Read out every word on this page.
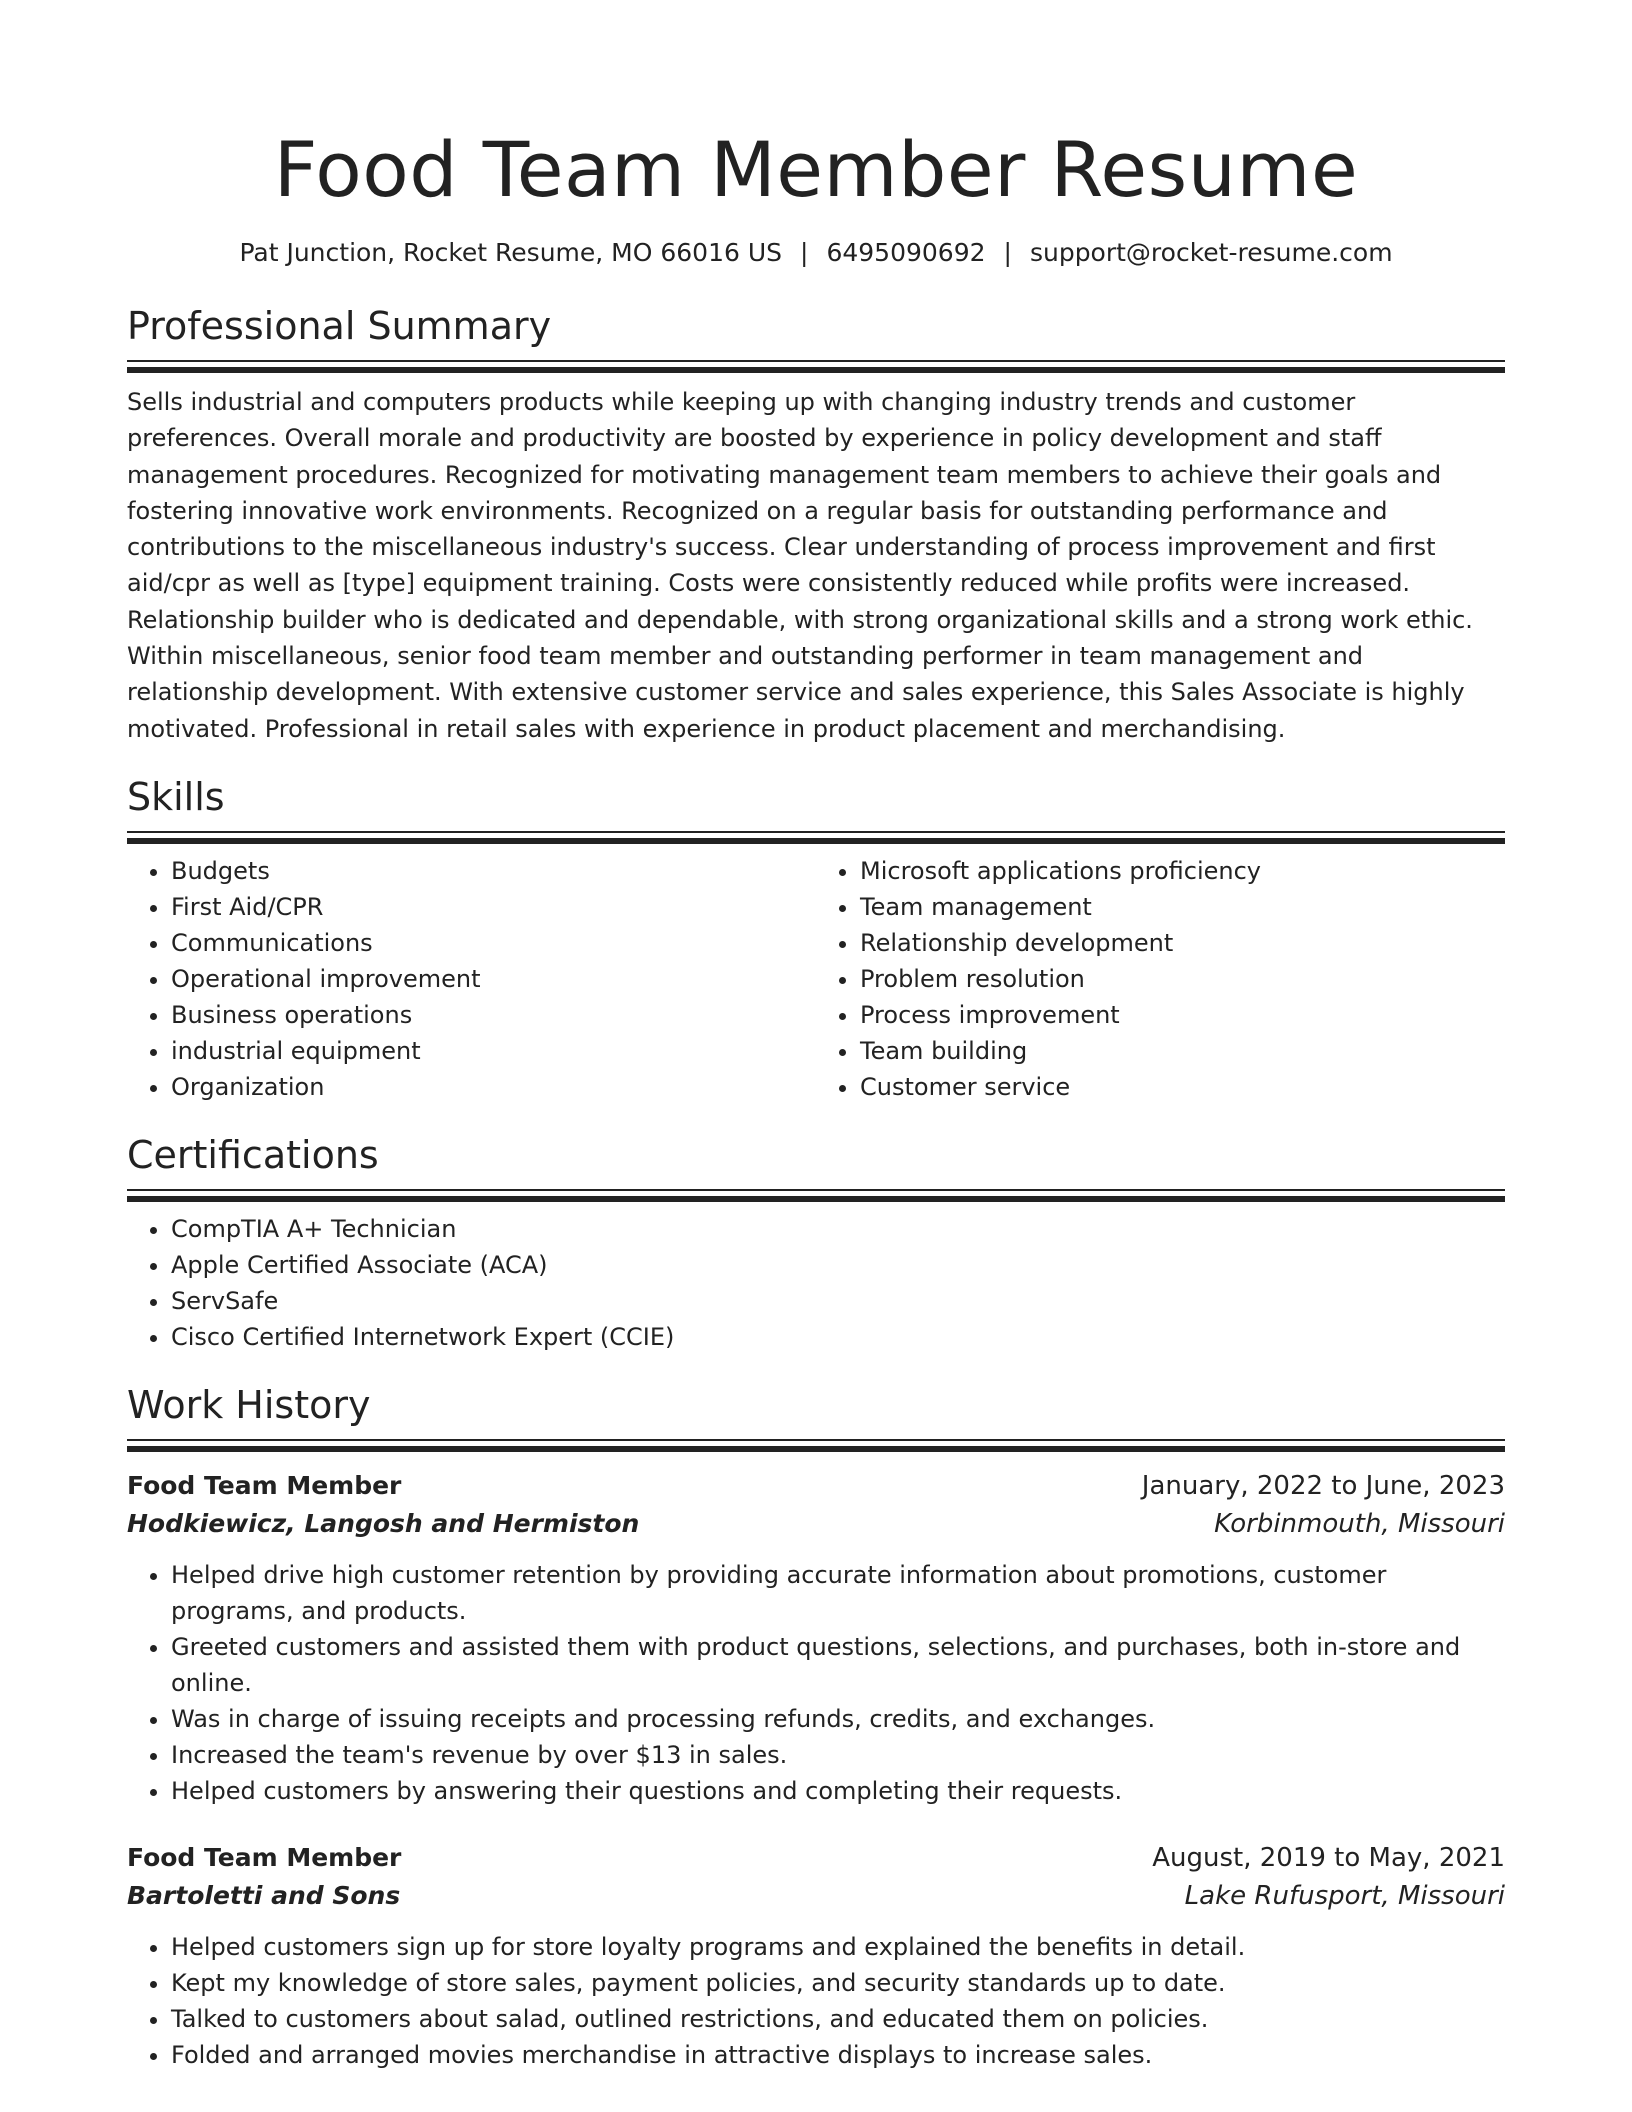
Food Team Member Resume
Pat Junction, Rocket Resume, MO 66016 US | 6495090692 | support@rocket-resume.com
Professional Summary

Sells industrial and computers products while keeping up with changing industry trends and customer preferences. Overall morale and productivity are boosted by experience in policy development and staff management procedures. Recognized for motivating management team members to achieve their goals and fostering innovative work environments. Recognized on a regular basis for outstanding performance and contributions to the miscellaneous industry's success. Clear understanding of process improvement and first aid/cpr as well as [type] equipment training. Costs were consistently reduced while profits were increased. Relationship builder who is dedicated and dependable, with strong organizational skills and a strong work ethic. Within miscellaneous, senior food team member and outstanding performer in team management and relationship development. With extensive customer service and sales experience, this Sales Associate is highly motivated. Professional in retail sales with experience in product placement and merchandising.

Skills
• Budgets
• First Aid/CPR
• Communications
• Operational improvement
• Business operations
• industrial equipment
• Organization
• Microsoft applications proficiency
• Team management
• Relationship development
• Problem resolution
• Process improvement
• Team building
• Customer service
Certifications
• CompTIA A+ Technician
• Apple Certified Associate (ACA)
• ServSafe
• Cisco Certified Internetwork Expert (CCIE)
Work History
Food Team Member	January, 2022 to June, 2023
Hodkiewicz, Langosh and Hermiston	Korbinmouth, Missouri
• Helped drive high customer retention by providing accurate information about promotions, customer programs, and products.
• Greeted customers and assisted them with product questions, selections, and purchases, both in-store and online.
• Was in charge of issuing receipts and processing refunds, credits, and exchanges.
• Increased the team's revenue by over $13 in sales.
• Helped customers by answering their questions and completing their requests.
Food Team Member	August, 2019 to May, 2021
Bartoletti and Sons	Lake Rufusport, Missouri
• Helped customers sign up for store loyalty programs and explained the benefits in detail.
• Kept my knowledge of store sales, payment policies, and security standards up to date.
• Talked to customers about salad, outlined restrictions, and educated them on policies.
• Folded and arranged movies merchandise in attractive displays to increase sales.
